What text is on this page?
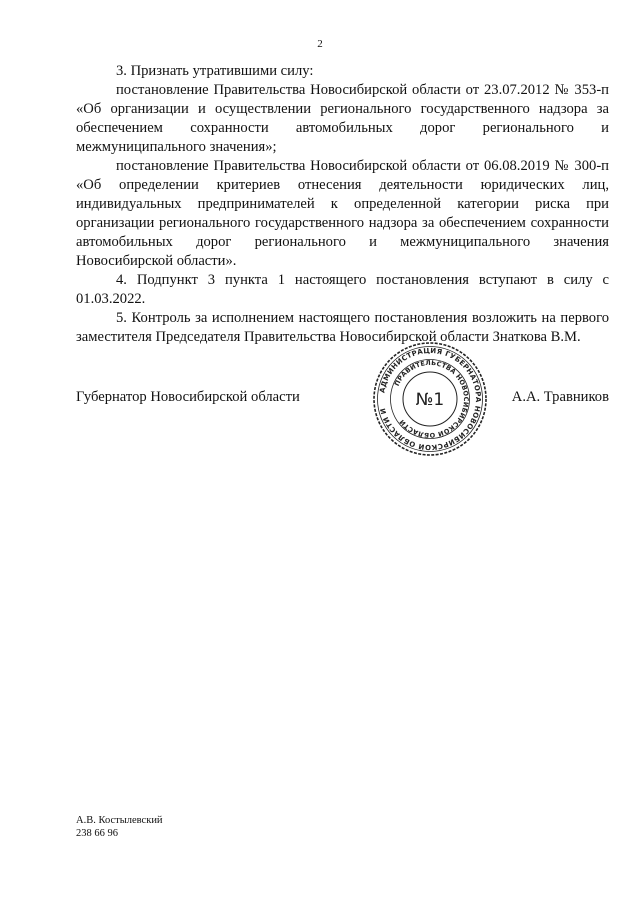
2

3. Признать утратившими силу:

постановление Правительства Новосибирской области от 23.07.2012 № 353-п «Об организации и осуществлении регионального государственного надзора за обеспечением сохранности автомобильных дорог регионального и межмуниципального значения»;

постановление Правительства Новосибирской области от 06.08.2019 № 300-п «Об определении критериев отнесения деятельности юридических лиц, индивидуальных предпринимателей к определенной категории риска при организации регионального государственного надзора за обеспечением сохранности автомобильных дорог регионального и межмуниципального значения Новосибирской области».

4. Подпункт 3 пункта 1 настоящего постановления вступают в силу с 01.03.2022.

5. Контроль за исполнением настоящего постановления возложить на первого заместителя Председателя Правительства Новосибирской области Знаткова В.М.

АДМИНИСТРАЦИЯ ГУБЕРНАТОРА НОВОСИБИРСКОЙ ОБЛАСТИ И
ПРАВИТЕЛЬСТВА НОВОСИБИРСКОЙ ОБЛАСТИ
№1
Губернатор Новосибирской области	А.А. Травников
А.В. Костылевский
238 66 96
